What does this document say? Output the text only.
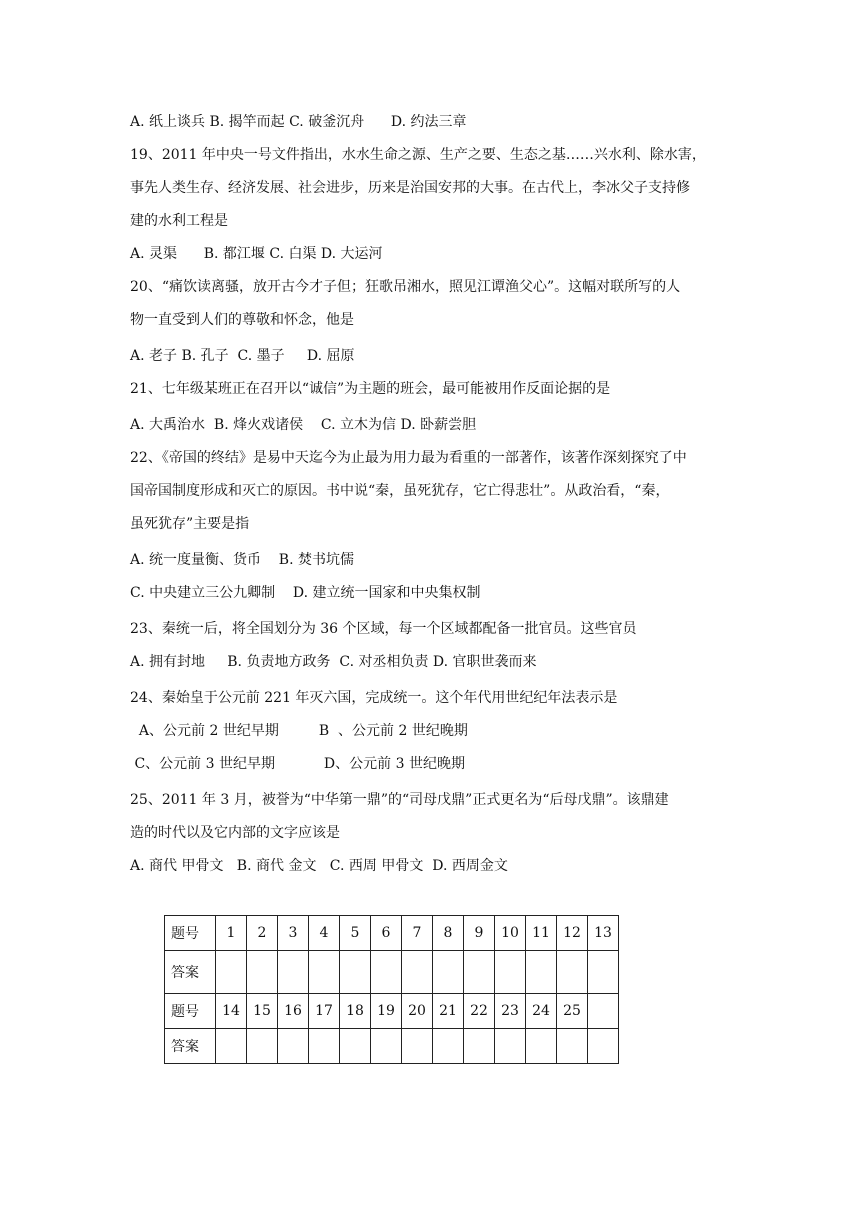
A. 纸上谈兵 B. 揭竿而起 C. 破釜沉舟      D. 约法三章
19、2011 年中央一号文件指出，水水生命之源、生产之要、生态之基……兴水利、除水害，
事先人类生存、经济发展、社会进步，历来是治国安邦的大事。在古代上，李冰父子支持修
建的水利工程是
A. 灵渠      B. 都江堰 C. 白渠 D. 大运河
20、“痛饮读离骚，放开古今才子但；狂歌吊湘水，照见江谭渔父心”。这幅对联所写的人
物一直受到人们的尊敬和怀念，他是
A. 老子 B. 孔子  C. 墨子     D. 屈原
21、七年级某班正在召开以“诚信”为主题的班会，最可能被用作反面论据的是
A. 大禹治水  B. 烽火戏诸侯    C. 立木为信 D. 卧薪尝胆
22、《帝国的终结》是易中天迄今为止最为用力最为看重的一部著作，该著作深刻探究了中
国帝国制度形成和灭亡的原因。书中说“秦，虽死犹存，它亡得悲壮”。从政治看，“秦，
虽死犹存”主要是指
A. 统一度量衡、货币    B. 焚书坑儒
C. 中央建立三公九卿制    D. 建立统一国家和中央集权制
23、秦统一后，将全国划分为 36 个区域，每一个区域都配备一批官员。这些官员
A. 拥有封地     B. 负责地方政务  C. 对丞相负责 D. 官职世袭而来
24、秦始皇于公元前 221 年灭六国，完成统一。这个年代用世纪纪年法表示是
A、公元前 2 世纪早期         B  、公元前 2 世纪晚期
C、公元前 3 世纪早期           D、公元前 3 世纪晚期
25、2011 年 3 月，被誉为“中华第一鼎”的“司母戊鼎”正式更名为“后母戊鼎”。该鼎建
造的时代以及它内部的文字应该是
A. 商代 甲骨文   B. 商代 金文   C. 西周 甲骨文  D. 西周金文
题号	1	2	3	4	5	6	7	8	9	10	11	12	13
答案													
题号	14	15	16	17	18	19	20	21	22	23	24	25	
答案													
